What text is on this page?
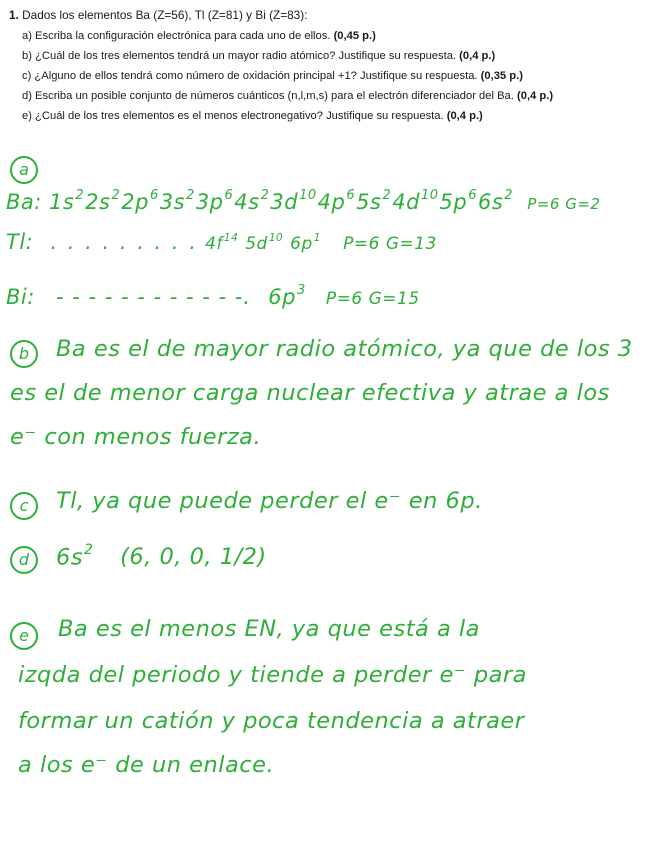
1. Dados los elementos Ba (Z=56), Tl (Z=81) y Bi (Z=83):
a) Escriba la configuración electrónica para cada uno de ellos. (0,45 p.)
b) ¿Cuál de los tres elementos tendrá un mayor radio atómico? Justifique su respuesta. (0,4 p.)
c) ¿Alguno de ellos tendrá como número de oxidación principal +1? Justifique su respuesta. (0,35 p.)
d) Escriba un posible conjunto de números cuánticos (n,l,m,s) para el electrón diferenciador del Ba. (0,4 p.)
e) ¿Cuál de los tres elementos es el menos electronegativo? Justifique su respuesta. (0,4 p.)
a
Ba: $1s^22s^22p^63s^23p^64s^23d^{10}4p^65s^24d^{10}5p^66s^2$ P=6 G=2
Tl: . . . . . . . . . $4f^{14}$ $5d^{10}$ $6p^1$ P=6 G=13
Bi: - - - - - - - - - - - -. $6p^3$ P=6 G=15
b	Ba es el de mayor radio atómico, ya que de los 3
es el de menor carga nuclear efectiva y atrae a los
e⁻ con menos fuerza.
c	Tl, ya que puede perder el e⁻ en 6p.
d	$6s^2$ (6, 0, 0, 1/2)
e	Ba es el menos EN, ya que está a la
izqda del periodo y tiende a perder e⁻ para
formar un catión y poca tendencia a atraer
a los e⁻ de un enlace.
